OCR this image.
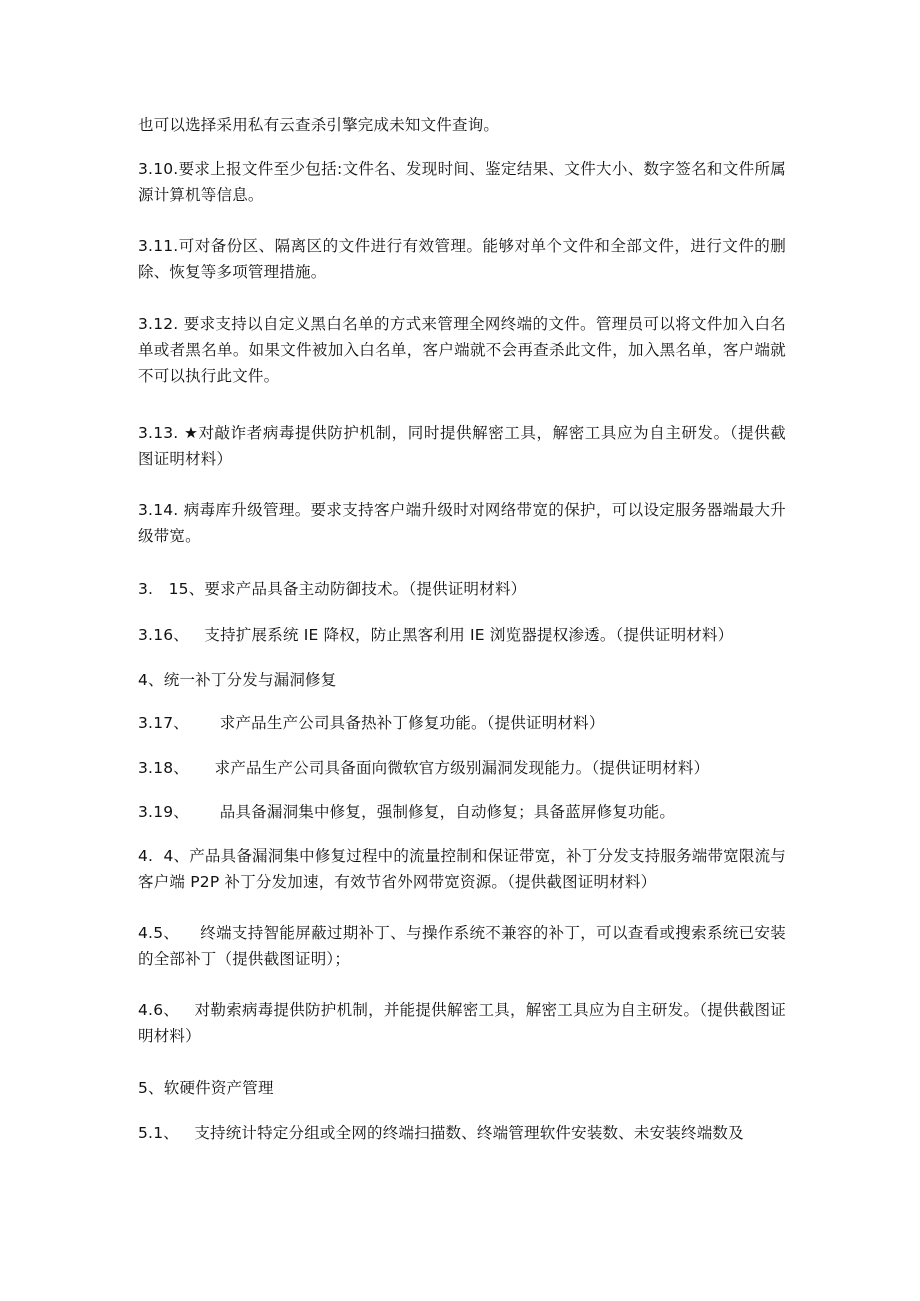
也可以选择采用私有云查杀引擎完成未知文件查询。
3.10.要求上报文件至少包括:文件名、发现时间、鉴定结果、文件大小、数字签名和文件所属源计算机等信息。
3.11.可对备份区、隔离区的文件进行有效管理。能够对单个文件和全部文件，进行文件的删除、恢复等多项管理措施。
3.12. 要求支持以自定义黑白名单的方式来管理全网终端的文件。管理员可以将文件加入白名单或者黑名单。如果文件被加入白名单，客户端就不会再查杀此文件，加入黑名单，客户端就不可以执行此文件。
3.13. ★对敲诈者病毒提供防护机制，同时提供解密工具，解密工具应为自主研发。（提供截图证明材料）
3.14. 病毒库升级管理。要求支持客户端升级时对网络带宽的保护，可以设定服务器端最大升级带宽。
3.   15、要求产品具备主动防御技术。（提供证明材料）
3.16、   支持扩展系统 IE 降权，防止黑客利用 IE 浏览器提权渗透。（提供证明材料）
4、统一补丁分发与漏洞修复
3.17、      求产品生产公司具备热补丁修复功能。（提供证明材料）
3.18、     求产品生产公司具备面向微软官方级别漏洞发现能力。（提供证明材料）
3.19、      品具备漏洞集中修复，强制修复，自动修复；具备蓝屏修复功能。
4.  4、产品具备漏洞集中修复过程中的流量控制和保证带宽，补丁分发支持服务端带宽限流与客户端 P2P 补丁分发加速，有效节省外网带宽资源。（提供截图证明材料）
4.5、    终端支持智能屏蔽过期补丁、与操作系统不兼容的补丁，可以查看或搜索系统已安装的全部补丁（提供截图证明）；
4.6、   对勒索病毒提供防护机制，并能提供解密工具，解密工具应为自主研发。（提供截图证明材料）
5、软硬件资产管理
5.1、   支持统计特定分组或全网的终端扫描数、终端管理软件安装数、未安装终端数及
